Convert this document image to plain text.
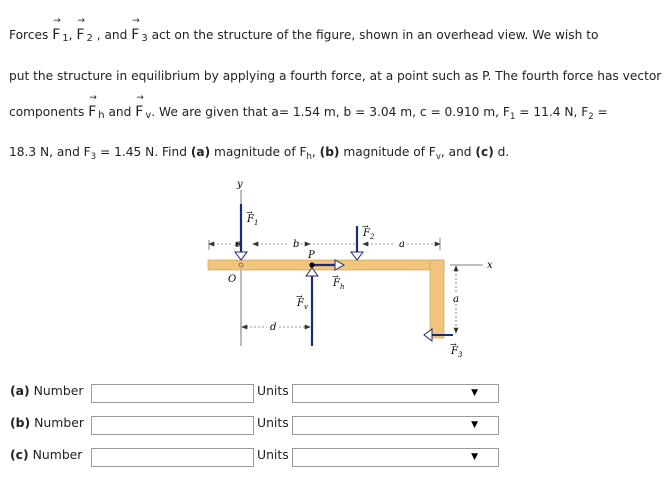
Forces
→
F $_1$,
→
F $_2$ , and
→
F $_3$ act on the structure of the figure, shown in an overhead view. We wish to
put the structure in equilibrium by applying a fourth force, at a point such as P. The fourth force has vector
components
→
F $_h$ and
→
F $_v$. We are given that a= 1.54 m, b = 3.04 m, c = 0.910 m, $F_1 = 11.4$ N, $F_2$ =
18.3 N, and $F_3 = 1.45$ N. Find (a) magnitude of $F_h$, (b) magnitude of $F_v$, and (c) d.
y
x
O
$F_1$
→
$F_2$
→
c	b	a
a
$F_3$
→
P
$F_h$
→
$F_v$
→
d
(a) Number	Units	▼
(b) Number	Units	▼
(c) Number	Units	▼
